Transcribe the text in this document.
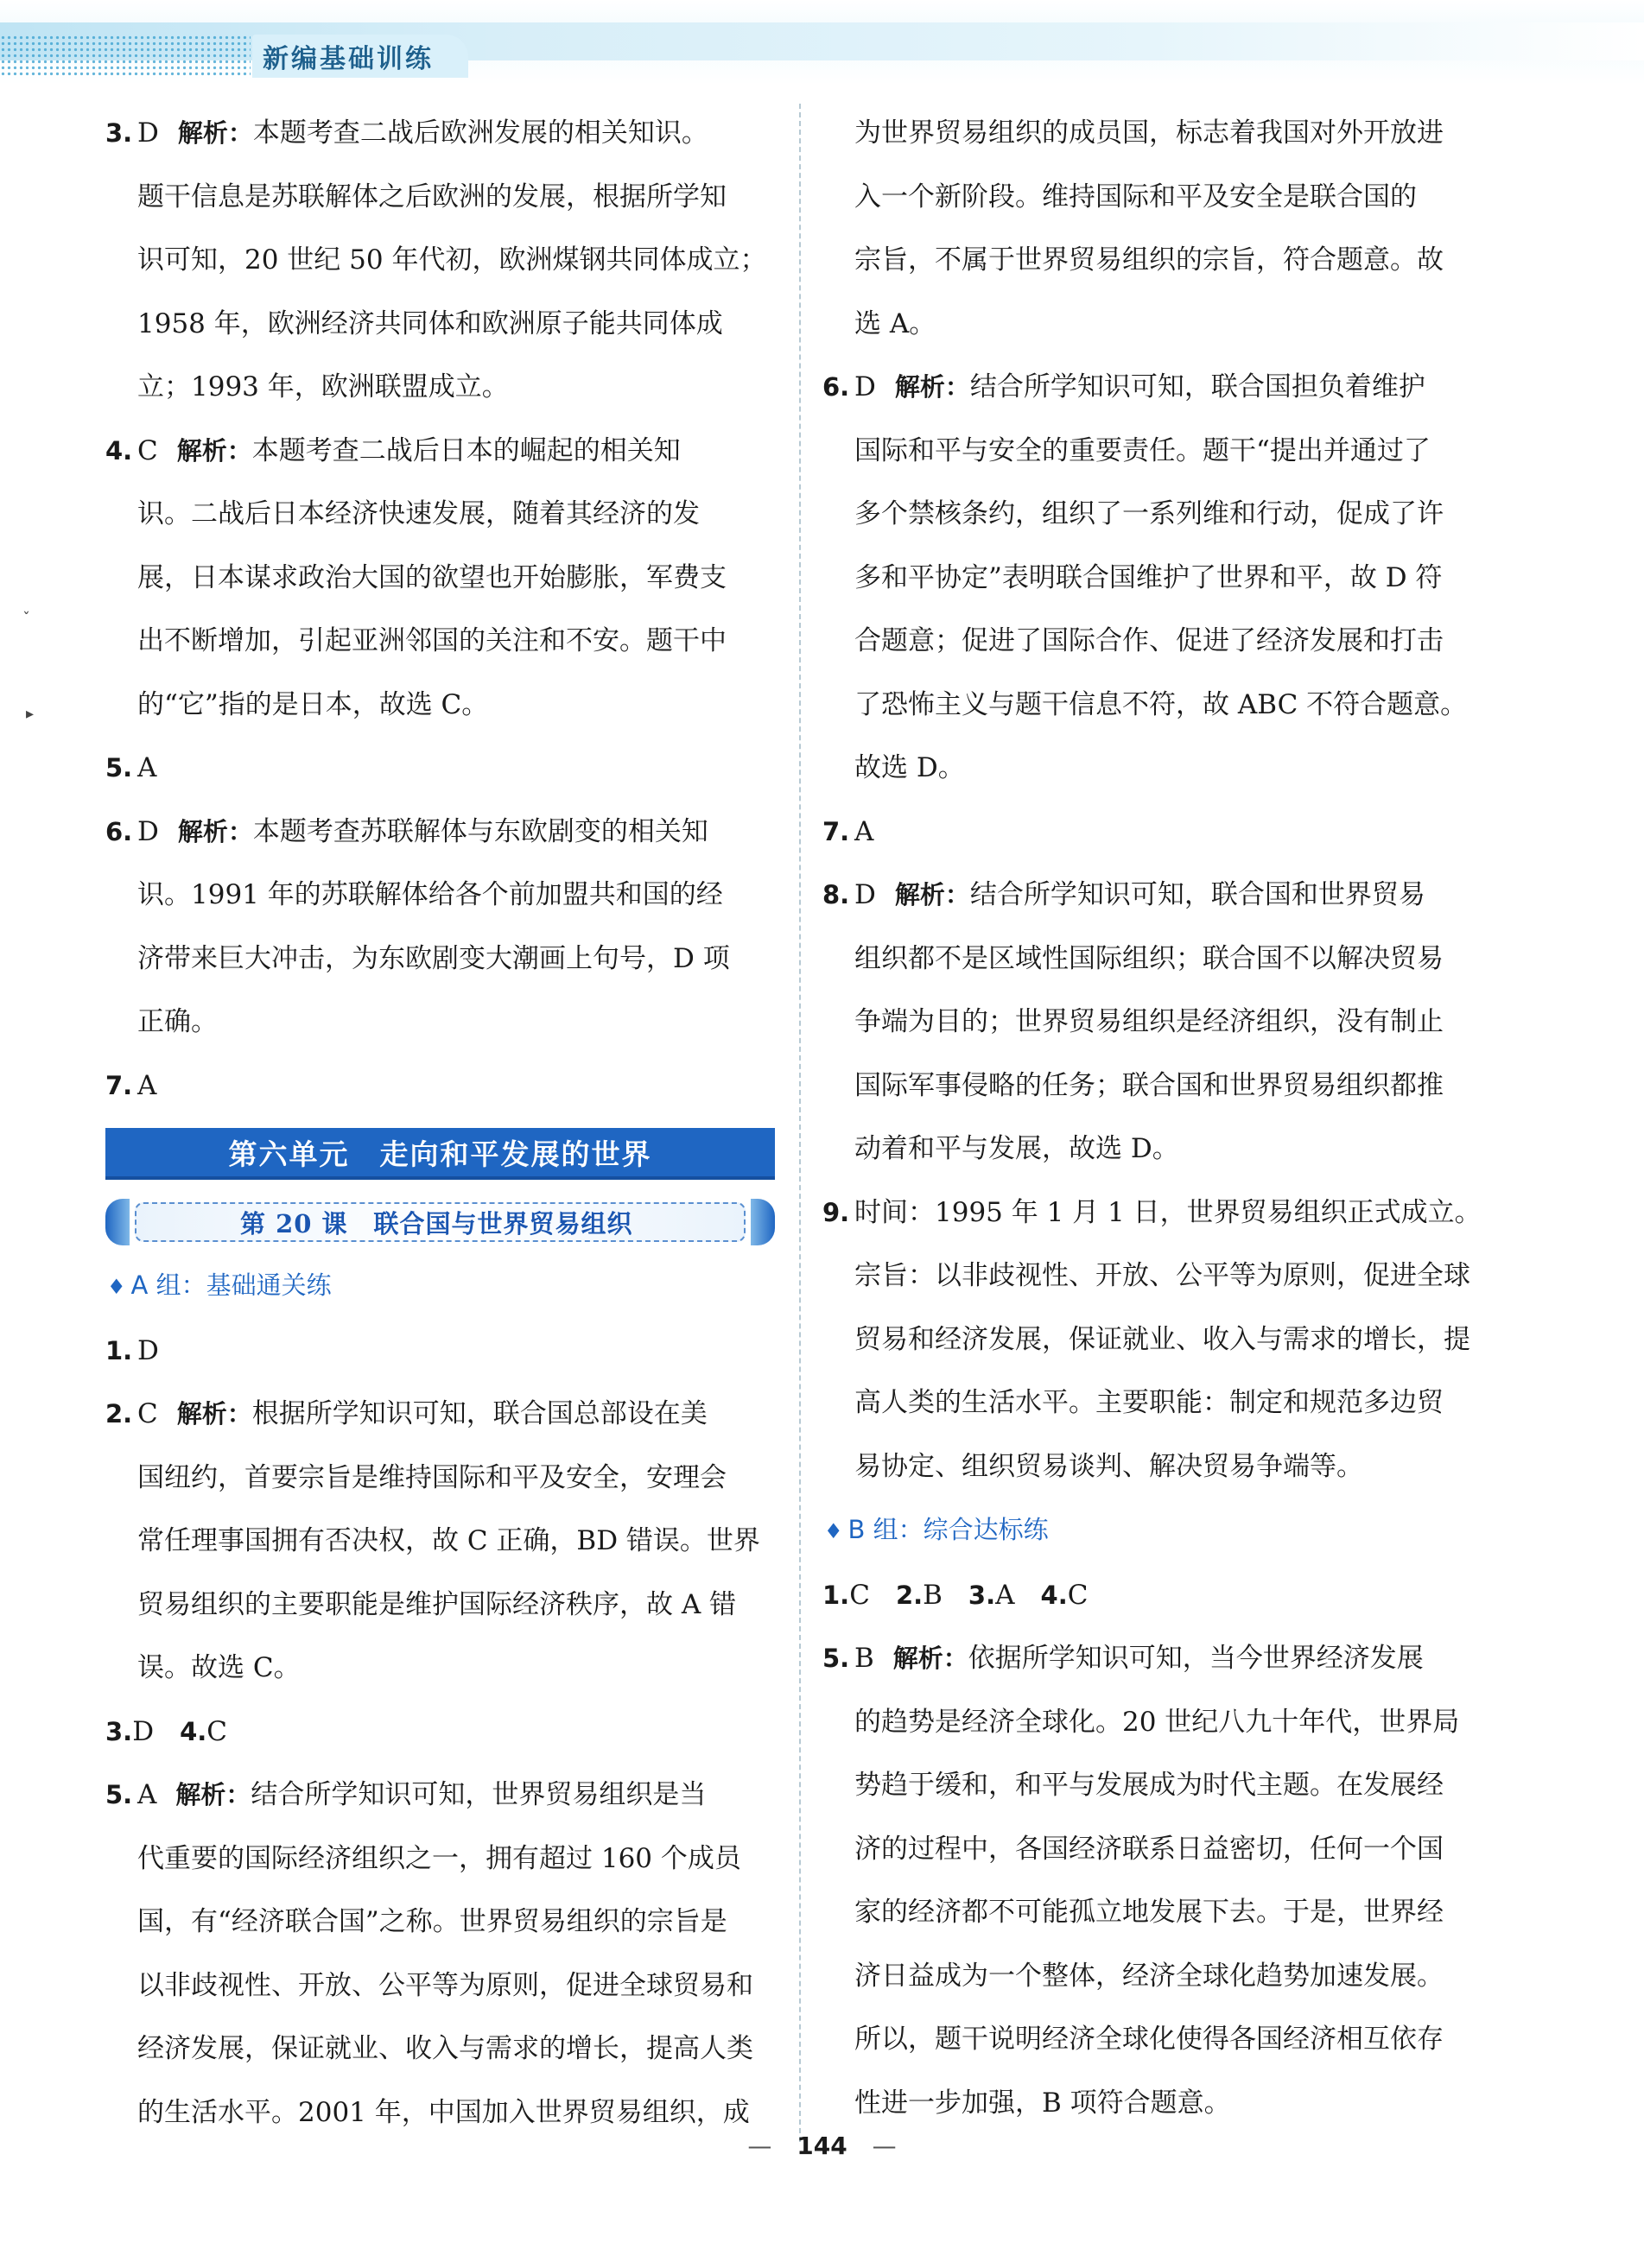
新编基础训练
ˇ
▸
3. D 解析：本题考查二战后欧洲发展的相关知识。
题干信息是苏联解体之后欧洲的发展，根据所学知
识可知，20 世纪 50 年代初，欧洲煤钢共同体成立；
1958 年，欧洲经济共同体和欧洲原子能共同体成
立；1993 年，欧洲联盟成立。
4. C 解析：本题考查二战后日本的崛起的相关知
识。二战后日本经济快速发展，随着其经济的发
展，日本谋求政治大国的欲望也开始膨胀，军费支
出不断增加，引起亚洲邻国的关注和不安。题干中
的“它”指的是日本，故选 C。
5. A
6. D 解析：本题考查苏联解体与东欧剧变的相关知
识。1991 年的苏联解体给各个前加盟共和国的经
济带来巨大冲击，为东欧剧变大潮画上句号，D 项
正确。
7. A
第六单元　走向和平发展的世界
第 20 课　联合国与世界贸易组织
♦ A 组：基础通关练
1. D
2. C 解析：根据所学知识可知，联合国总部设在美
国纽约，首要宗旨是维持国际和平及安全，安理会
常任理事国拥有否决权，故 C 正确，BD 错误。世界
贸易组织的主要职能是维护国际经济秩序，故 A 错
误。故选 C。
3.D 4.C
5. A 解析：结合所学知识可知，世界贸易组织是当
代重要的国际经济组织之一，拥有超过 160 个成员
国，有“经济联合国”之称。世界贸易组织的宗旨是
以非歧视性、开放、公平等为原则，促进全球贸易和
经济发展，保证就业、收入与需求的增长，提高人类
的生活水平。2001 年，中国加入世界贸易组织，成
为世界贸易组织的成员国，标志着我国对外开放进
入一个新阶段。维持国际和平及安全是联合国的
宗旨，不属于世界贸易组织的宗旨，符合题意。故
选 A。
6. D 解析：结合所学知识可知，联合国担负着维护
国际和平与安全的重要责任。题干“提出并通过了
多个禁核条约，组织了一系列维和行动，促成了许
多和平协定”表明联合国维护了世界和平，故 D 符
合题意；促进了国际合作、促进了经济发展和打击
了恐怖主义与题干信息不符，故 ABC 不符合题意。
故选 D。
7. A
8. D 解析：结合所学知识可知，联合国和世界贸易
组织都不是区域性国际组织；联合国不以解决贸易
争端为目的；世界贸易组织是经济组织，没有制止
国际军事侵略的任务；联合国和世界贸易组织都推
动着和平与发展，故选 D。
9. 时间：1995 年 1 月 1 日，世界贸易组织正式成立。
宗旨：以非歧视性、开放、公平等为原则，促进全球
贸易和经济发展，保证就业、收入与需求的增长，提
高人类的生活水平。主要职能：制定和规范多边贸
易协定、组织贸易谈判、解决贸易争端等。
♦ B 组：综合达标练
1.C 2.B 3.A 4.C
5. B 解析：依据所学知识可知，当今世界经济发展
的趋势是经济全球化。20 世纪八九十年代，世界局
势趋于缓和，和平与发展成为时代主题。在发展经
济的过程中，各国经济联系日益密切，任何一个国
家的经济都不可能孤立地发展下去。于是，世界经
济日益成为一个整体，经济全球化趋势加速发展。
所以，题干说明经济全球化使得各国经济相互依存
性进一步加强，B 项符合题意。
— 144 —
